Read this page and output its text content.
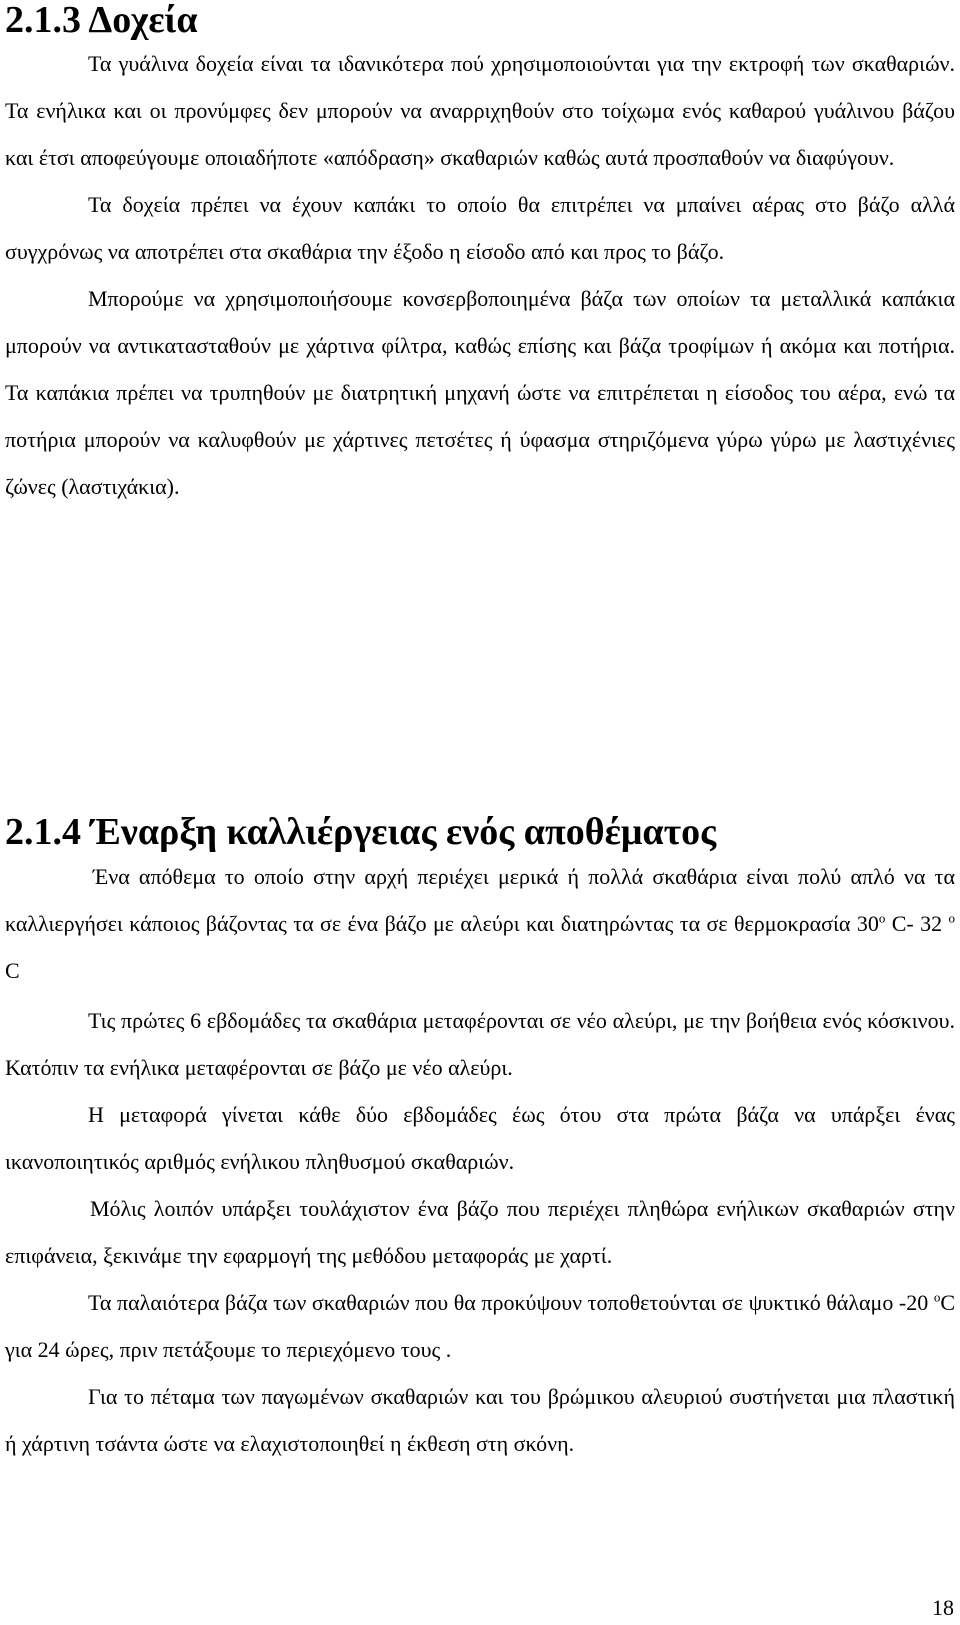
2.1.3 Δοχεία

Τα γυάλινα δοχεία είναι τα ιδανικότερα πού χρησιμοποιούνται για την εκτροφή των σκαθαριών. Τα ενήλικα και οι προνύμφες δεν μπορούν να αναρριχηθούν στο τοίχωμα ενός καθαρού γυάλινου βάζου και έτσι αποφεύγουμε οποιαδήποτε «απόδραση» σκαθαριών καθώς αυτά προσπαθούν να διαφύγουν.

Τα δοχεία πρέπει να έχουν καπάκι το οποίο θα επιτρέπει να μπαίνει αέρας στο βάζο αλλά συγχρόνως να αποτρέπει στα σκαθάρια την έξοδο η είσοδο από και προς το βάζο.

Μπορούμε να χρησιμοποιήσουμε κονσερβοποιημένα βάζα των οποίων τα μεταλλικά καπάκια μπορούν να αντικατασταθούν με χάρτινα φίλτρα, καθώς επίσης και βάζα τροφίμων ή ακόμα και ποτήρια. Τα καπάκια πρέπει να τρυπηθούν με διατρητική μηχανή ώστε να επιτρέπεται η είσοδος του αέρα, ενώ τα ποτήρια μπορούν να καλυφθούν με χάρτινες πετσέτες ή ύφασμα στηριζόμενα γύρω γύρω με λαστιχένιες ζώνες (λαστιχάκια).

2.1.4 Έναρξη καλλιέργειας ενός αποθέματος

Ένα απόθεμα το οποίο στην αρχή περιέχει μερικά ή πολλά σκαθάρια είναι πολύ απλό να τα καλλιεργήσει κάποιος βάζοντας τα σε ένα βάζο με αλεύρι και διατηρώντας τα σε θερμοκρασία $30^o$ C- 32 $^o$ C

Τις πρώτες 6 εβδομάδες τα σκαθάρια μεταφέρονται σε νέο αλεύρι, με την βοήθεια ενός κόσκινου. Κατόπιν τα ενήλικα μεταφέρονται σε βάζο με νέο αλεύρι.

Η μεταφορά γίνεται κάθε δύο εβδομάδες έως ότου στα πρώτα βάζα να υπάρξει ένας ικανοποιητικός αριθμός ενήλικου πληθυσμού σκαθαριών.

Μόλις λοιπόν υπάρξει τουλάχιστον ένα βάζο που περιέχει πληθώρα ενήλικων σκαθαριών στην επιφάνεια, ξεκινάμε την εφαρμογή της μεθόδου μεταφοράς με χαρτί.

Τα παλαιότερα βάζα των σκαθαριών που θα προκύψουν τοποθετούνται σε ψυκτικό θάλαμο -20 $^o$C για 24 ώρες, πριν πετάξουμε το περιεχόμενο τους .

Για το πέταμα των παγωμένων σκαθαριών και του βρώμικου αλευριού συστήνεται μια πλαστική ή χάρτινη τσάντα ώστε να ελαχιστοποιηθεί η έκθεση στη σκόνη.

18
